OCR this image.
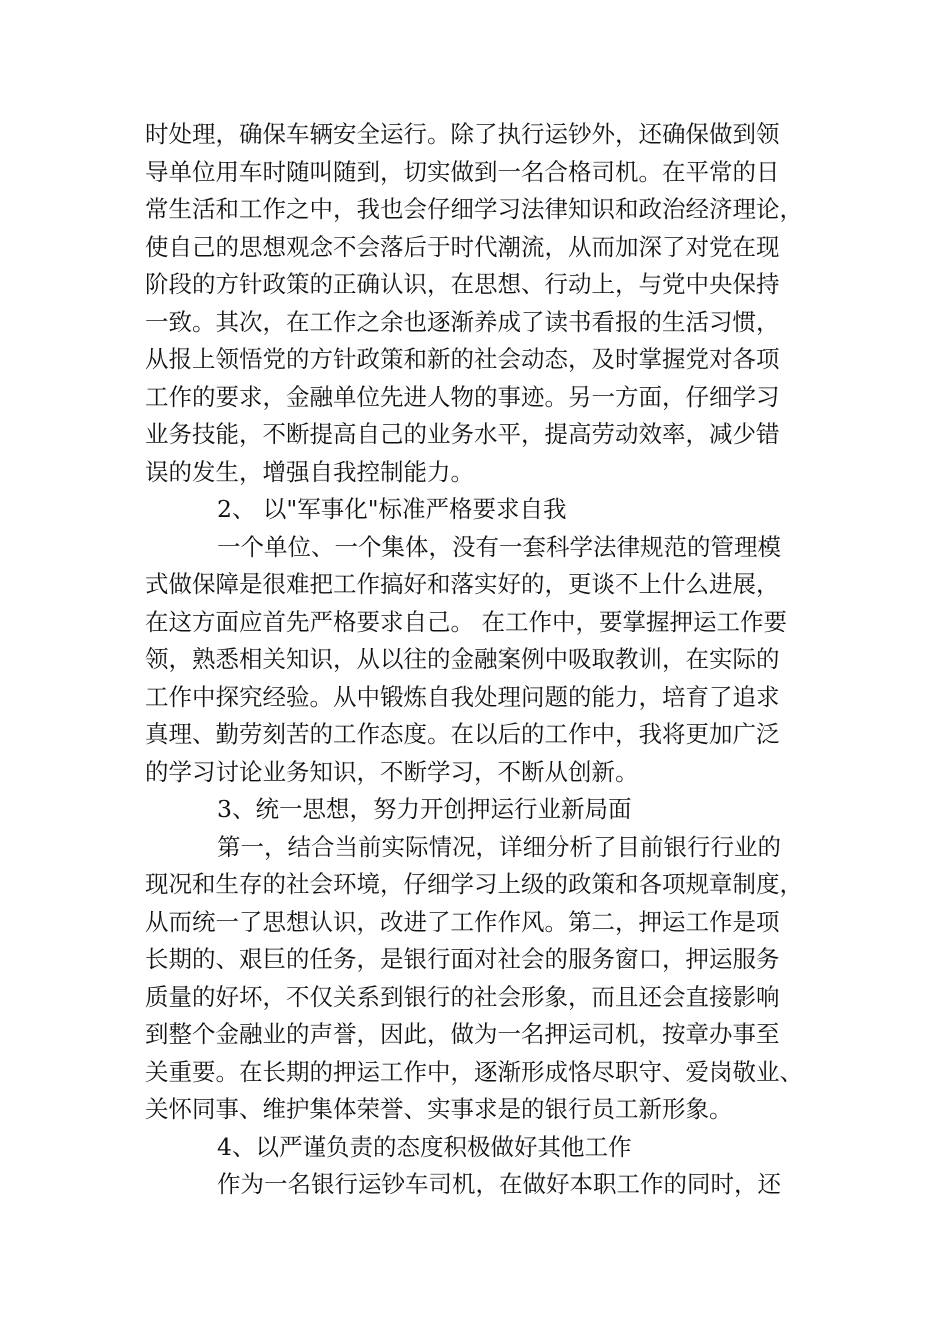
时处理，确保车辆安全运行。除了执行运钞外，还确保做到领
导单位用车时随叫随到，切实做到一名合格司机。在平常的日
常生活和工作之中，我也会仔细学习法律知识和政治经济理论，
使自己的思想观念不会落后于时代潮流，从而加深了对党在现
阶段的方针政策的正确认识，在思想、行动上，与党中央保持
一致。其次，在工作之余也逐渐养成了读书看报的生活习惯，
从报上领悟党的方针政策和新的社会动态，及时掌握党对各项
工作的要求，金融单位先进人物的事迹。另一方面，仔细学习
业务技能，不断提高自己的业务水平，提高劳动效率，减少错
误的发生，增强自我控制能力。
2、 以"军事化"标准严格要求自我
一个单位、一个集体，没有一套科学法律规范的管理模
式做保障是很难把工作搞好和落实好的，更谈不上什么进展，
在这方面应首先严格要求自己。 在工作中，要掌握押运工作要
领，熟悉相关知识，从以往的金融案例中吸取教训，在实际的
工作中探究经验。从中锻炼自我处理问题的能力，培育了追求
真理、勤劳刻苦的工作态度。在以后的工作中，我将更加广泛
的学习讨论业务知识，不断学习，不断从创新。
3、统一思想，努力开创押运行业新局面
第一，结合当前实际情况，详细分析了目前银行行业的
现况和生存的社会环境，仔细学习上级的政策和各项规章制度，
从而统一了思想认识，改进了工作作风。第二，押运工作是项
长期的、艰巨的任务，是银行面对社会的服务窗口，押运服务
质量的好坏，不仅关系到银行的社会形象，而且还会直接影响
到整个金融业的声誉，因此，做为一名押运司机，按章办事至
关重要。在长期的押运工作中，逐渐形成恪尽职守、爱岗敬业、
关怀同事、维护集体荣誉、实事求是的银行员工新形象。
4、以严谨负责的态度积极做好其他工作
作为一名银行运钞车司机，在做好本职工作的同时，还
